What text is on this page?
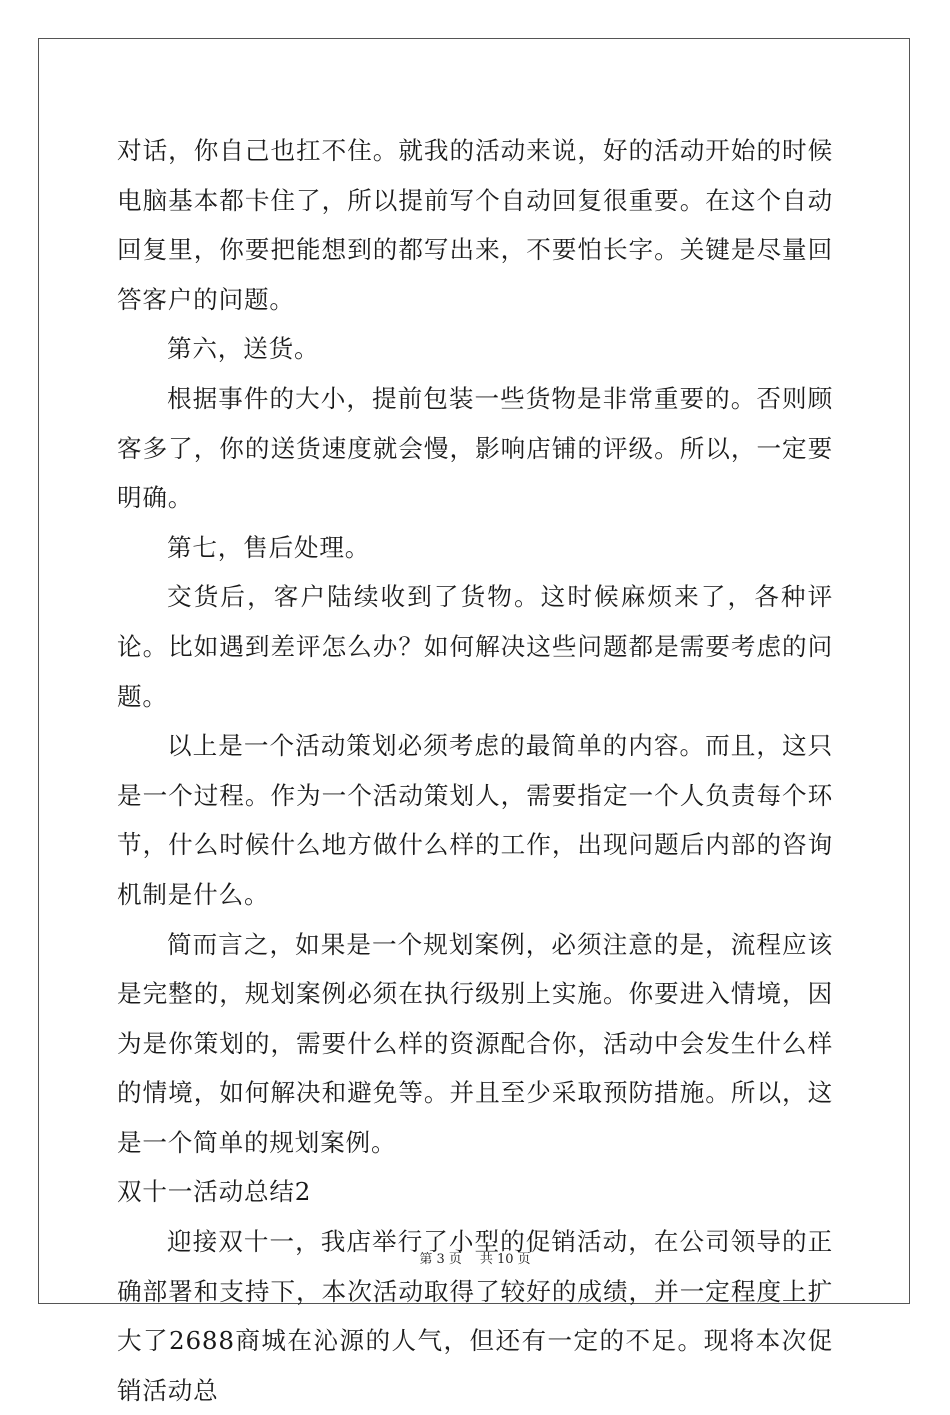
对话，你自己也扛不住。就我的活动来说，好的活动开始的时候电脑基本都卡住了，所以提前写个自动回复很重要。在这个自动回复里，你要把能想到的都写出来，不要怕长字。关键是尽量回答客户的问题。

第六，送货。

根据事件的大小，提前包装一些货物是非常重要的。否则顾客多了，你的送货速度就会慢，影响店铺的评级。所以，一定要明确。

第七，售后处理。

交货后，客户陆续收到了货物。这时候麻烦来了，各种评论。比如遇到差评怎么办？如何解决这些问题都是需要考虑的问题。

以上是一个活动策划必须考虑的最简单的内容。而且，这只是一个过程。作为一个活动策划人，需要指定一个人负责每个环节，什么时候什么地方做什么样的工作，出现问题后内部的咨询机制是什么。

简而言之，如果是一个规划案例，必须注意的是，流程应该是完整的，规划案例必须在执行级别上实施。你要进入情境，因为是你策划的，需要什么样的资源配合你，活动中会发生什么样的情境，如何解决和避免等。并且至少采取预防措施。所以，这是一个简单的规划案例。

双十一活动总结2

迎接双十一，我店举行了小型的促销活动，在公司领导的正确部署和支持下，本次活动取得了较好的成绩，并一定程度上扩大了2688商城在沁源的人气，但还有一定的不足。现将本次促销活动总

第 3 页 共 10 页
